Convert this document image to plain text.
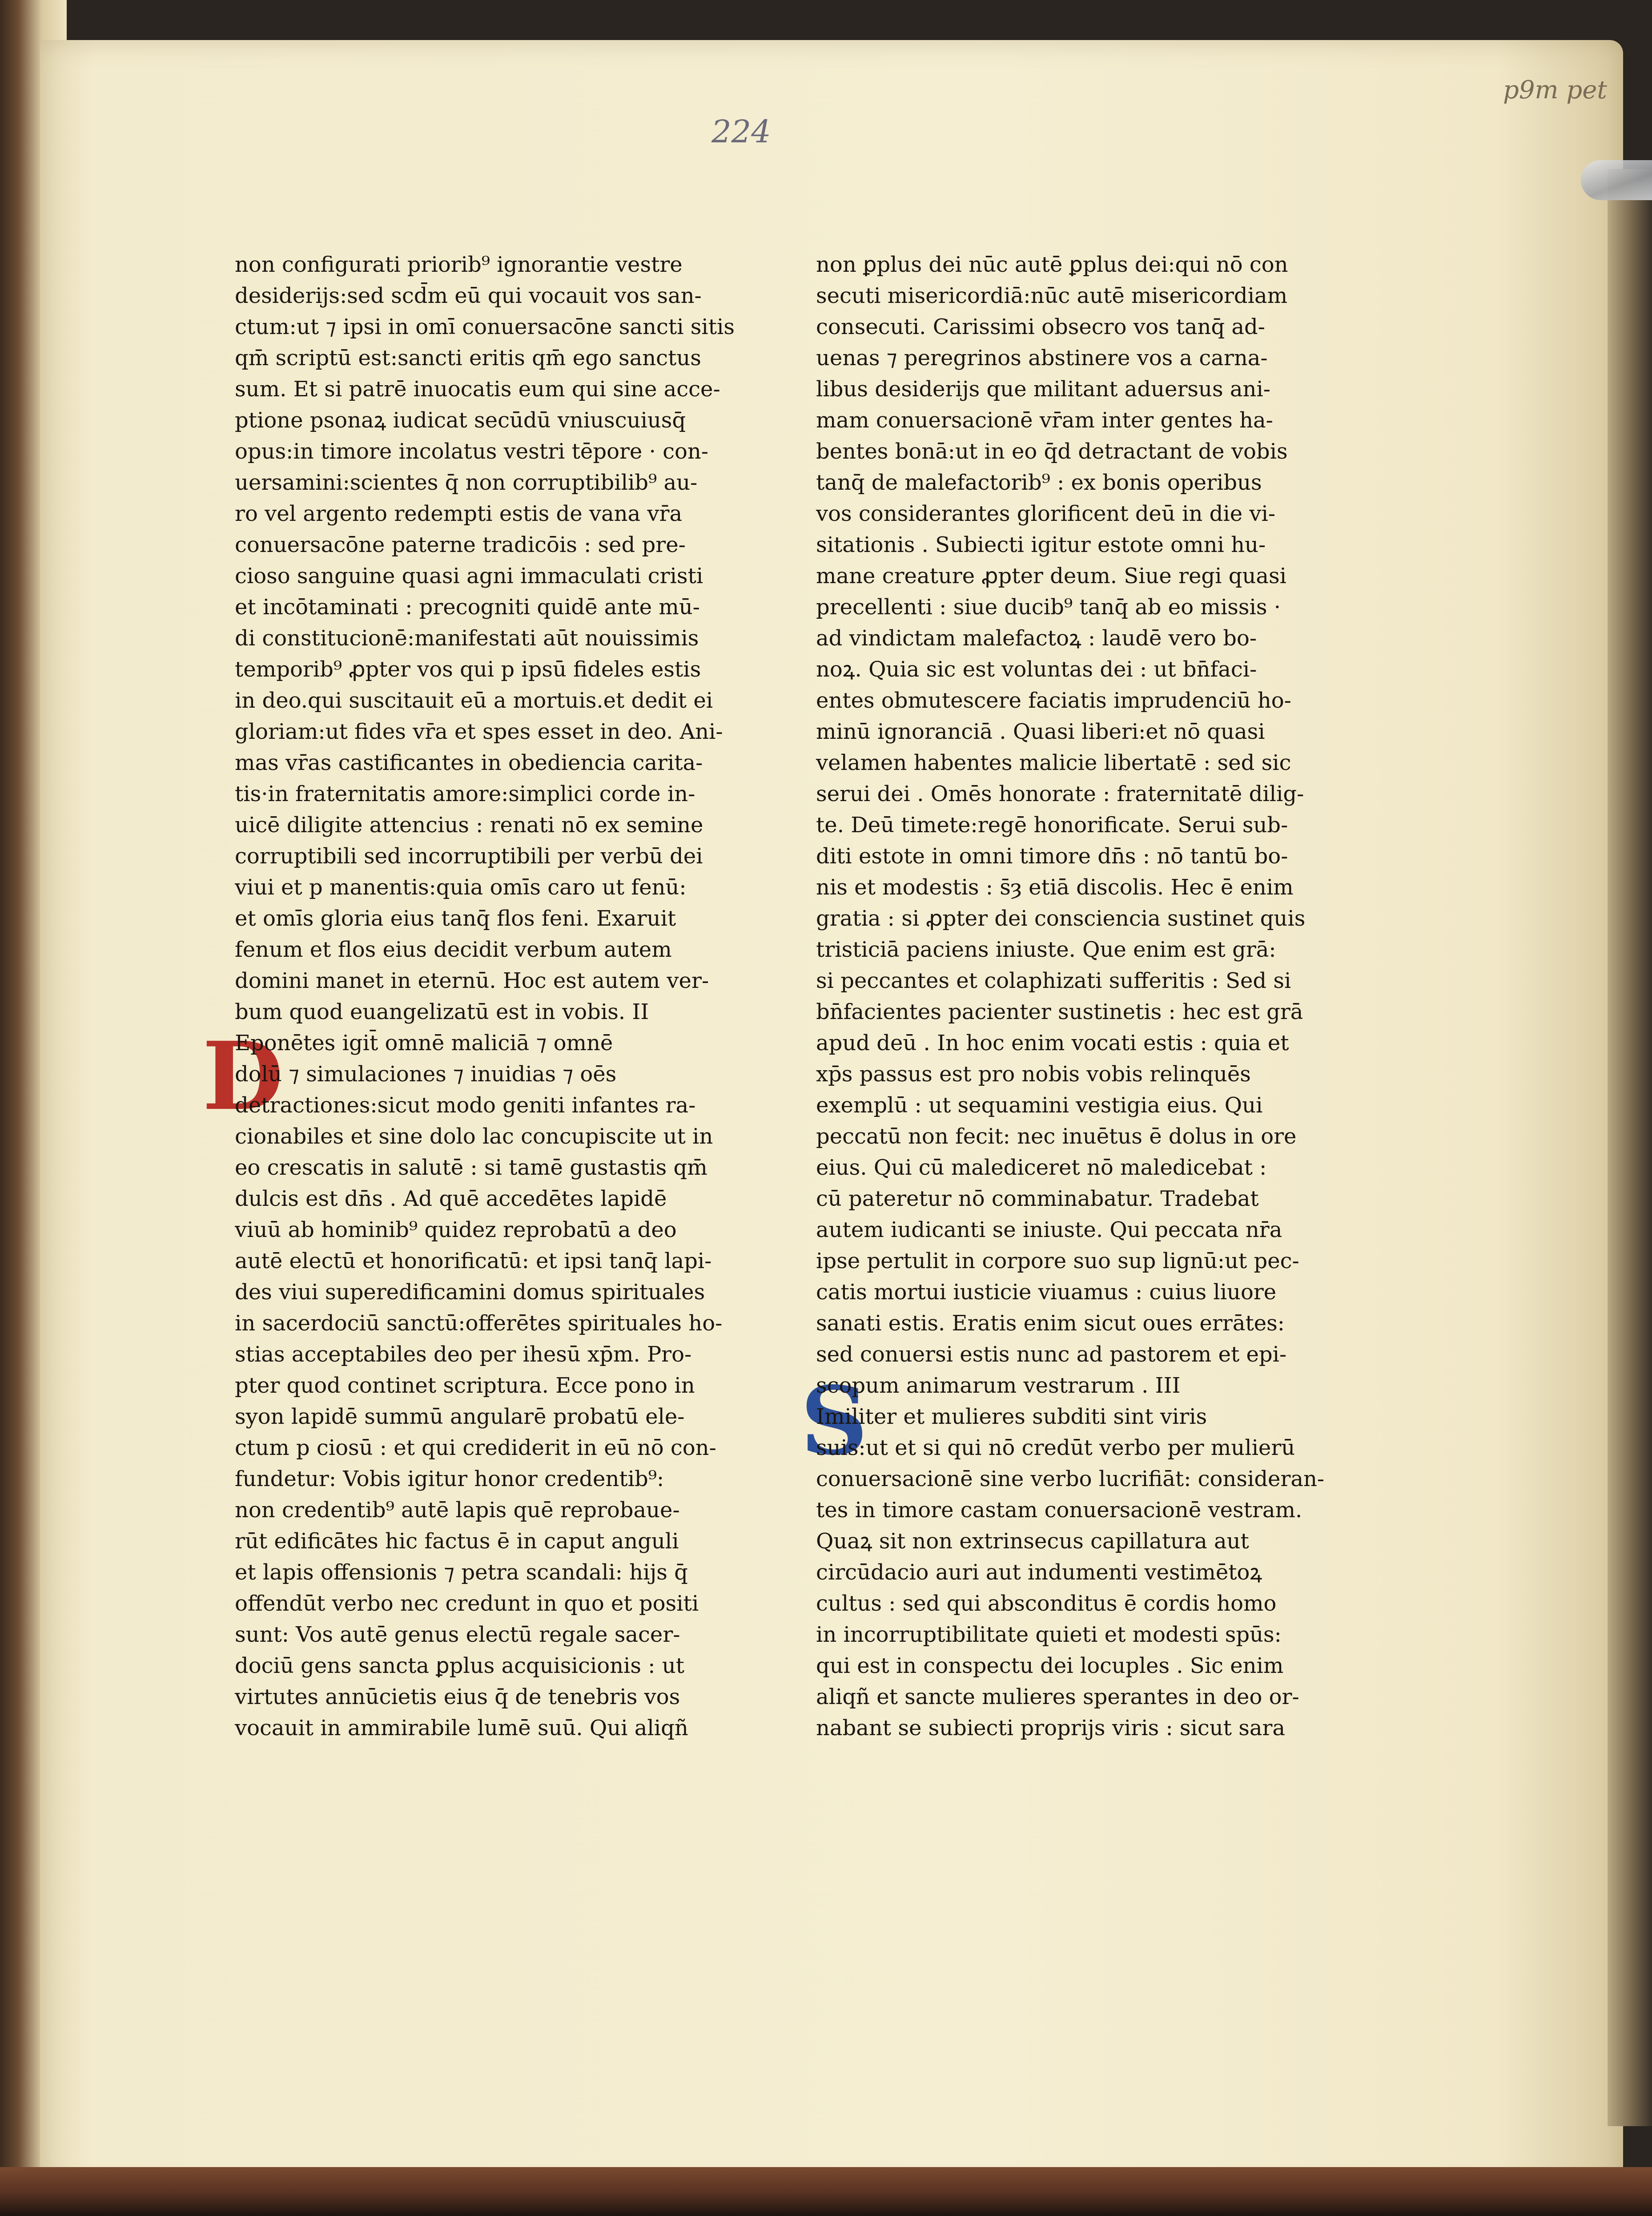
224
p9m pet
D
S
non configurati priorib⁹ ignorantie vestre
desiderijs:sed scd̄m eū qui vocauit vos san-
ctum:ut ⁊ ipsi in omī conuersacōne sancti sitis
qm̄ scriptū est:sancti eritis qm̄ ego sanctus
sum. Et si patrē inuocatis eum qui sine acce-
ptione psonaꝝ iudicat secūdū vniuscuiusq̄
opus:in timore incolatus vestri tēpore · con-
uersamini:scientes q̄ non corruptibilib⁹ au-
ro vel argento redempti estis de vana vr̄a
conuersacōne paterne tradicōis : sed pre-
cioso sanguine quasi agni immaculati cristi
et incōtaminati : precogniti quidē ante mū-
di constitucionē:manifestati aūt nouissimis
temporib⁹ ꝓpter vos qui p ipsū fideles estis
in deo.qui suscitauit eū a mortuis.et dedit ei
gloriam:ut fides vr̄a et spes esset in deo. Ani-
mas vr̄as castificantes in obediencia carita-
tis·in fraternitatis amore:simplici corde in-
uicē diligite attencius : renati nō ex semine
corruptibili sed incorruptibili per verbū dei
viui et p manentis:quia omīs caro ut fenū:
et omīs gloria eius tanq̄ flos feni. Exaruit
fenum et flos eius decidit verbum autem
domini manet in eternū. Hoc est autem ver-
bum quod euangelizatū est in vobis. II
Eponētes igit̄ omnē maliciā ⁊ omnē
dolū ⁊ simulaciones ⁊ inuidias ⁊ oēs
detractiones:sicut modo geniti infantes ra-
cionabiles et sine dolo lac concupiscite ut in
eo crescatis in salutē : si tamē gustastis qm̄
dulcis est dn̄s . Ad quē accedētes lapidē
viuū ab hominib⁹ quidez reprobatū a deo
autē electū et honorificatū: et ipsi tanq̄ lapi-
des viui superedificamini domus spirituales
in sacerdociū sanctū:offerētes spirituales ho-
stias acceptabiles deo per ihesū xp̄m. Pro-
pter quod continet scriptura. Ecce pono in
syon lapidē summū angularē probatū ele-
ctum p ciosū : et qui crediderit in eū nō con-
fundetur: Vobis igitur honor credentib⁹:
non credentib⁹ autē lapis quē reprobaue-
rūt edificātes hic factus ē in caput anguli
et lapis offensionis ⁊ petra scandali: hijs q̄
offendūt verbo nec credunt in quo et positi
sunt: Vos autē genus electū regale sacer-
dociū gens sancta ꝑplus acquisicionis : ut
virtutes annūcietis eius q̄ de tenebris vos
vocauit in ammirabile lumē suū. Qui aliqñ
non ꝑplus dei nūc autē ꝑplus dei:qui nō con
secuti misericordiā:nūc autē misericordiam
consecuti. Carissimi obsecro vos tanq̄ ad-
uenas ⁊ peregrinos abstinere vos a carna-
libus desiderijs que militant aduersus ani-
mam conuersacionē vr̄am inter gentes ha-
bentes bonā:ut in eo q̄d detractant de vobis
tanq̄ de malefactorib⁹ : ex bonis operibus
vos considerantes glorificent deū in die vi-
sitationis . Subiecti igitur estote omni hu-
mane creature ꝓpter deum. Siue regi quasi
precellenti : siue ducib⁹ tanq̄ ab eo missis ·
ad vindictam malefactoꝝ : laudē vero bo-
noꝝ. Quia sic est voluntas dei : ut bn̄faci-
entes obmutescere faciatis imprudenciū ho-
minū ignoranciā . Quasi liberi:et nō quasi
velamen habentes malicie libertatē : sed sic
serui dei . Omēs honorate : fraternitatē dilig-
te. Deū timete:regē honorificate. Serui sub-
diti estote in omni timore dn̄s : nō tantū bo-
nis et modestis : s̄ȝ etiā discolis. Hec ē enim
gratia : si ꝓpter dei consciencia sustinet quis
tristiciā paciens iniuste. Que enim est grā:
si peccantes et colaphizati sufferitis : Sed si
bn̄facientes pacienter sustinetis : hec est grā
apud deū . In hoc enim vocati estis : quia et
xp̄s passus est pro nobis vobis relinquēs
exemplū : ut sequamini vestigia eius. Qui
peccatū non fecit: nec inuētus ē dolus in ore
eius. Qui cū malediceret nō maledicebat :
cū pateretur nō comminabatur. Tradebat
autem iudicanti se iniuste. Qui peccata nr̄a
ipse pertulit in corpore suo sup lignū:ut pec-
catis mortui iusticie viuamus : cuius liuore
sanati estis. Eratis enim sicut oues errātes:
sed conuersi estis nunc ad pastorem et epi-
scopum animarum vestrarum . III
Imiliter et mulieres subditi sint viris
suis:ut et si qui nō credūt verbo per mulierū
conuersacionē sine verbo lucrifiāt: consideran-
tes in timore castam conuersacionē vestram.
Quaꝝ sit non extrinsecus capillatura aut
circūdacio auri aut indumenti vestimētoꝝ
cultus : sed qui absconditus ē cordis homo
in incorruptibilitate quieti et modesti spūs:
qui est in conspectu dei locuples . Sic enim
aliqñ et sancte mulieres sperantes in deo or-
nabant se subiecti proprijs viris : sicut sara
